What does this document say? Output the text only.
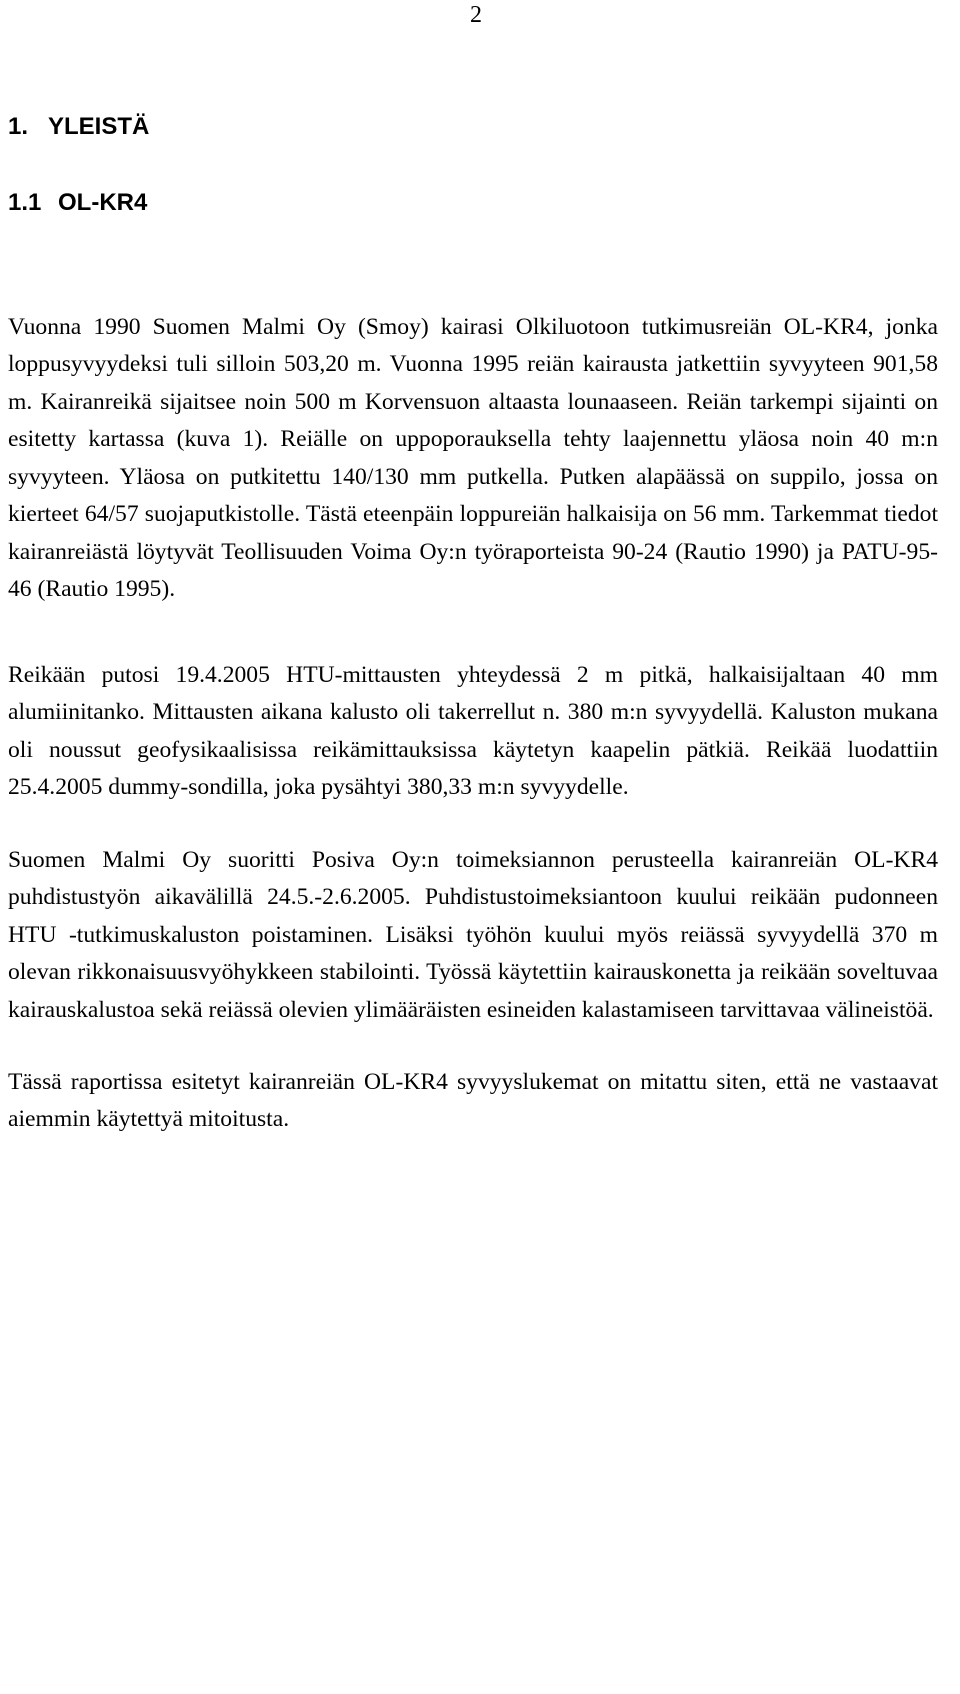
2
1. YLEISTÄ
1.1 OL-KR4

Vuonna 1990 Suomen Malmi Oy (Smoy) kairasi Olkiluotoon tutkimusreiän OL-KR4, jonka loppusyvyydeksi tuli silloin 503,20 m. Vuonna 1995 reiän kairausta jatkettiin syvyyteen 901,58 m. Kairanreikä sijaitsee noin 500 m Korvensuon altaasta lounaaseen. Reiän tarkempi sijainti on esitetty kartassa (kuva 1). Reiälle on uppoporauksella tehty laajennettu yläosa noin 40 m:n syvyyteen. Yläosa on putkitettu 140/130 mm putkella. Putken alapäässä on suppilo, jossa on kierteet 64/57 suojaputkistolle. Tästä eteenpäin loppureiän halkaisija on 56 mm. Tarkemmat tiedot kairanreiästä löytyvät Teollisuuden Voima Oy:n työraporteista 90-24 (Rautio 1990) ja PATU-95-46 (Rautio 1995).

Reikään putosi 19.4.2005 HTU-mittausten yhteydessä 2 m pitkä, halkaisijaltaan 40 mm alumiinitanko. Mittausten aikana kalusto oli takerrellut n. 380 m:n syvyydellä. Kaluston mukana oli noussut geofysikaalisissa reikämittauksissa käytetyn kaapelin pätkiä. Reikää luodattiin 25.4.2005 dummy-sondilla, joka pysähtyi 380,33 m:n syvyydelle.

Suomen Malmi Oy suoritti Posiva Oy:n toimeksiannon perusteella kairanreiän OL-KR4 puhdistustyön aikavälillä 24.5.-2.6.2005. Puhdistustoimeksiantoon kuului reikään pudonneen HTU -tutkimuskaluston poistaminen. Lisäksi työhön kuului myös reiässä syvyydellä 370 m olevan rikkonaisuusvyöhykkeen stabilointi. Työssä käytettiin kairauskonetta ja reikään soveltuvaa kairauskalustoa sekä reiässä olevien ylimääräisten esineiden kalastamiseen tarvittavaa välineistöä.

Tässä raportissa esitetyt kairanreiän OL-KR4 syvyyslukemat on mitattu siten, että ne vastaavat aiemmin käytettyä mitoitusta.
